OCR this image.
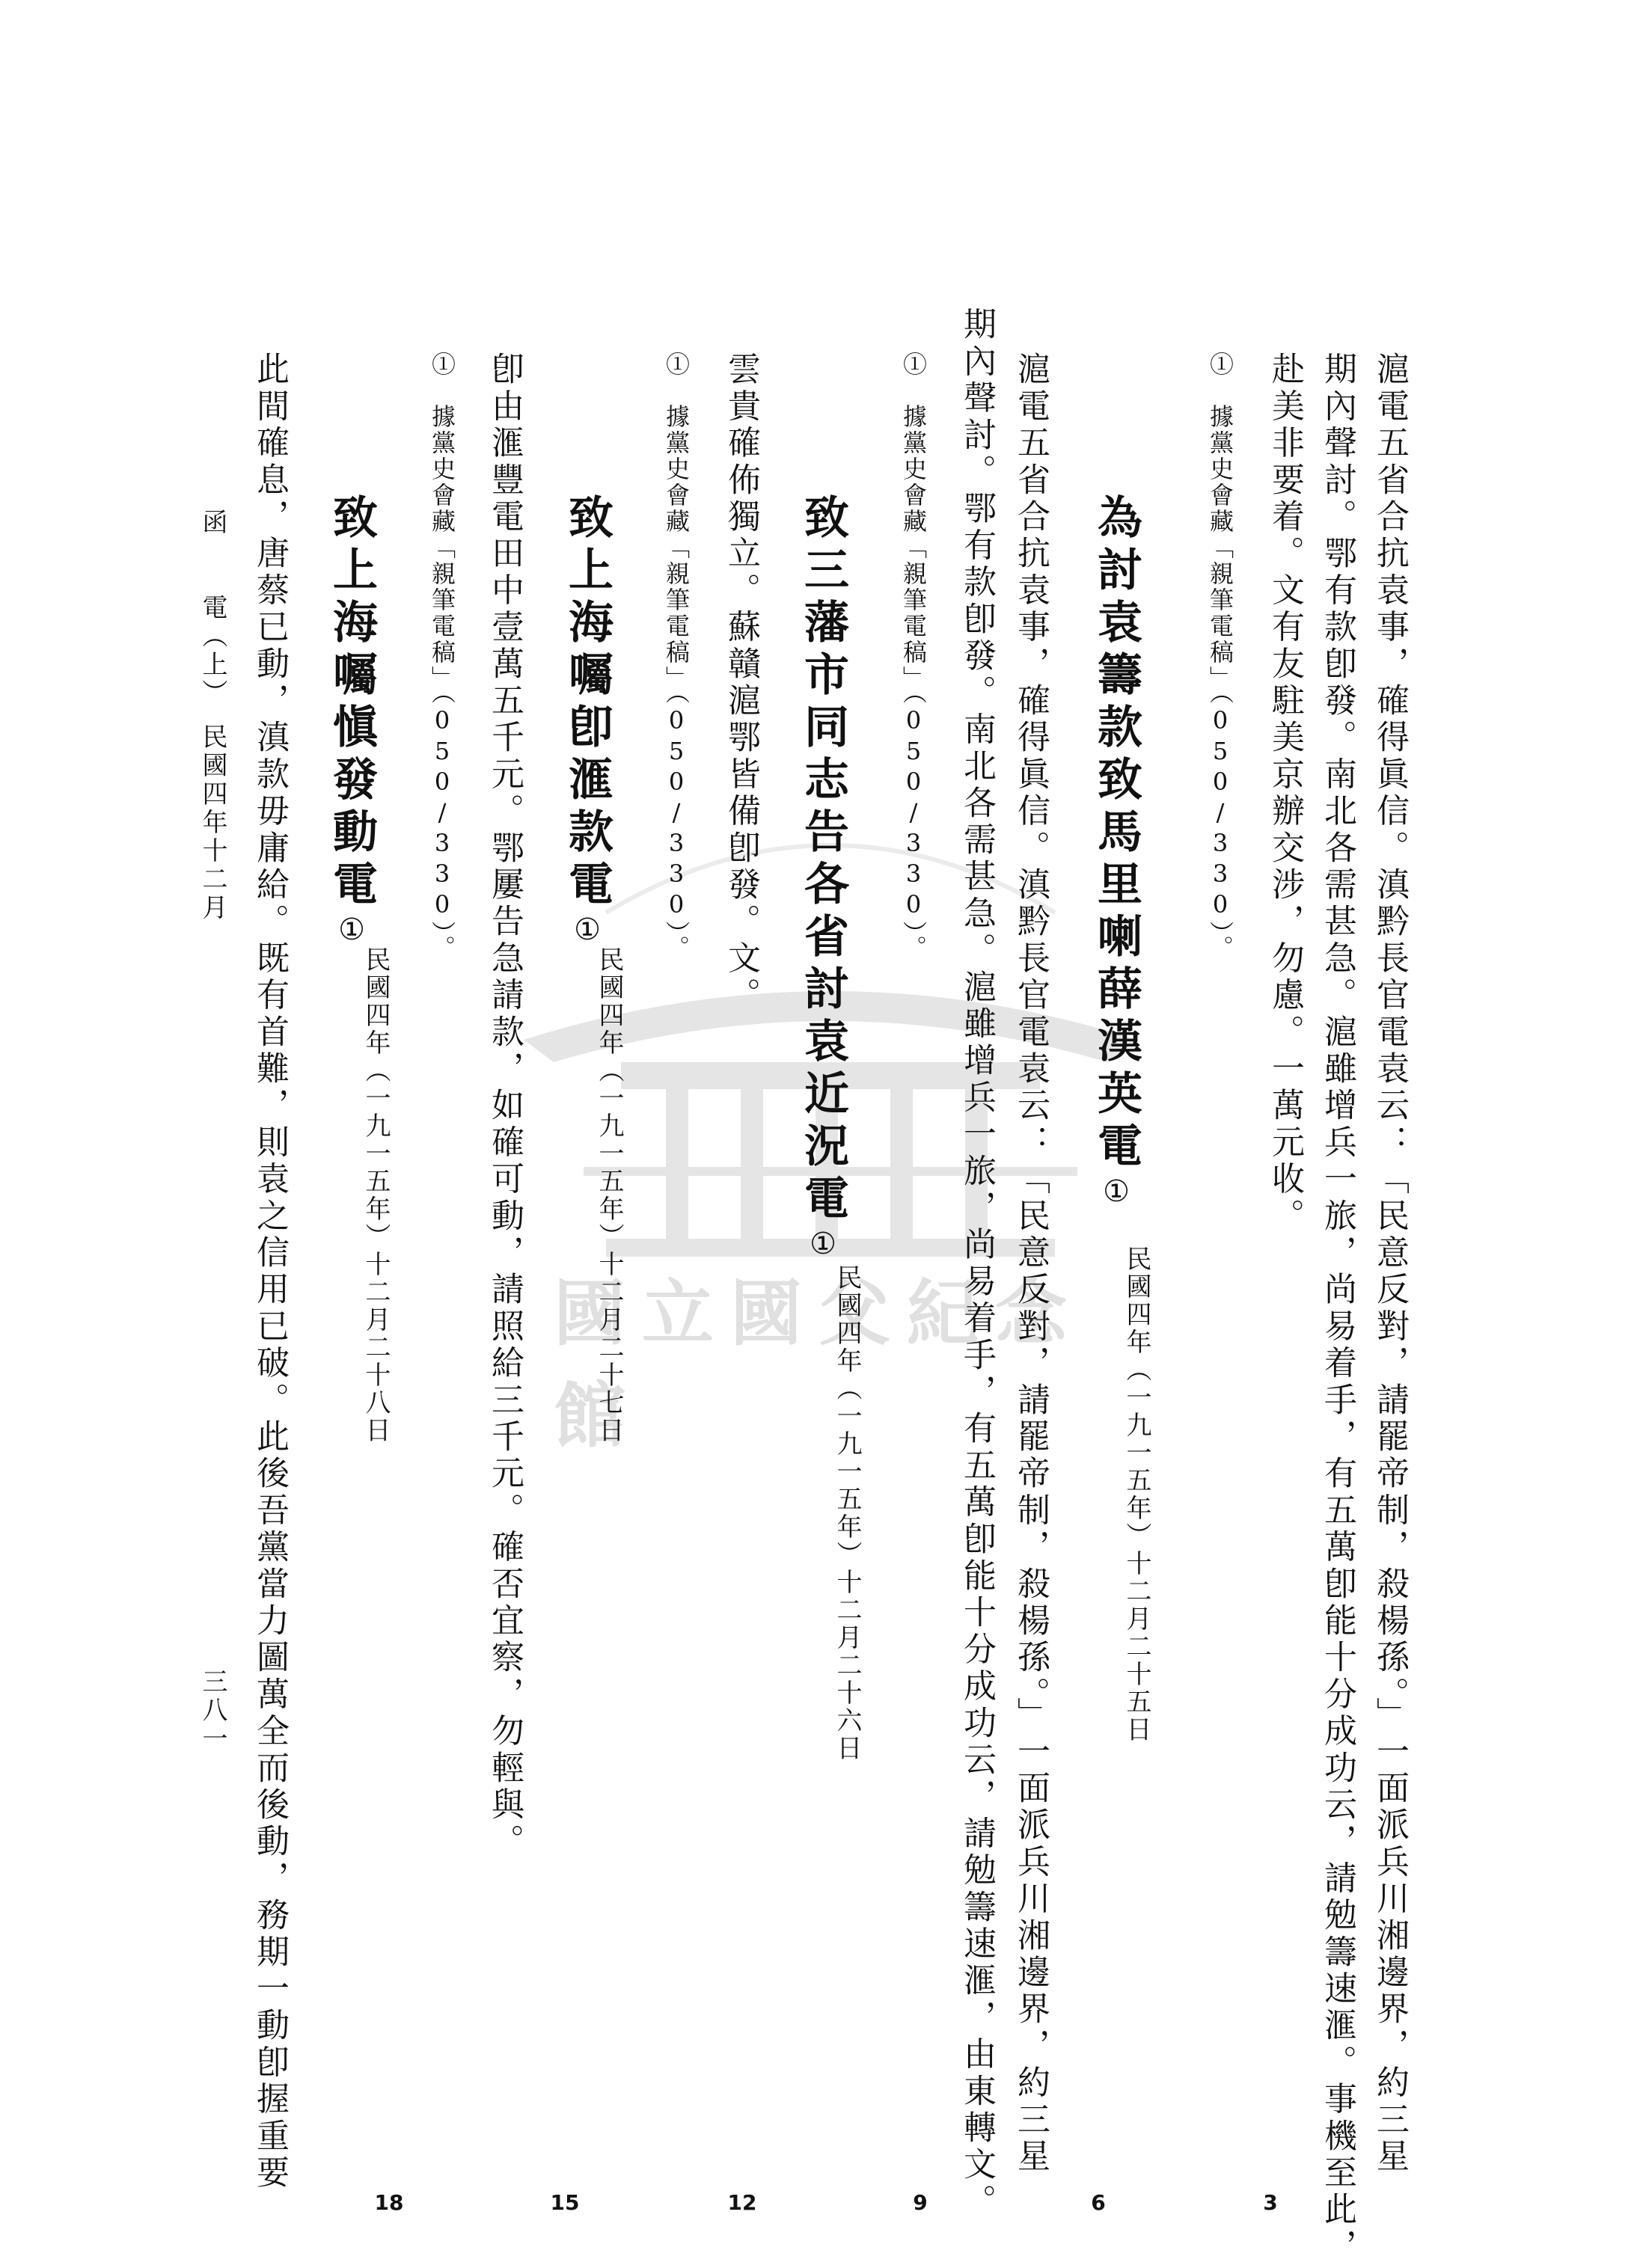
國立國父紀念館	滬電五省合抗袁事，確得眞信。滇黔長官電袁云：「民意反對，請罷帝制，殺楊孫。」一面派兵川湘邊界，約三星
期內聲討。鄂有款卽發。南北各需甚急。滬雖增兵一旅，尚易着手，有五萬卽能十分成功云，請勉籌速滙。事機至此，
赴美非要着。文有友駐美京辦交涉，勿慮。一萬元收。
①　據黨史會藏「親筆電稿」（050/330）。
為討袁籌款致馬里喇薛漢英電①
民國四年（一九一五年）十二月二十五日
滬電五省合抗袁事，確得眞信。滇黔長官電袁云：「民意反對，請罷帝制，殺楊孫。」一面派兵川湘邊界，約三星
期內聲討。鄂有款卽發。南北各需甚急。滬雖增兵一旅，尚易着手，有五萬卽能十分成功云，請勉籌速滙，由東轉文。
①　據黨史會藏「親筆電稿」（050/330）。
致三藩市同志告各省討袁近況電①
民國四年（一九一五年）十二月二十六日
雲貴確佈獨立。蘇贛滬鄂皆備卽發。文。
①　據黨史會藏「親筆電稿」（050/330）。
致上海囑卽滙款電①
民國四年（一九一五年）十二月二十七日
卽由滙豐電田中壹萬五千元。鄂屢告急請款，如確可動，請照給三千元。確否宜察，勿輕與。
①　據黨史會藏「親筆電稿」（050/330）。
致上海囑愼發動電①
民國四年（一九一五年）十二月二十八日
此間確息，唐蔡已動，滇款毋庸給。既有首難，則袁之信用已破。此後吾黨當力圖萬全而後動，務期一動卽握重要
函　　電（上）　民國四年十二月
三八一
3
6
9
12
15
18
